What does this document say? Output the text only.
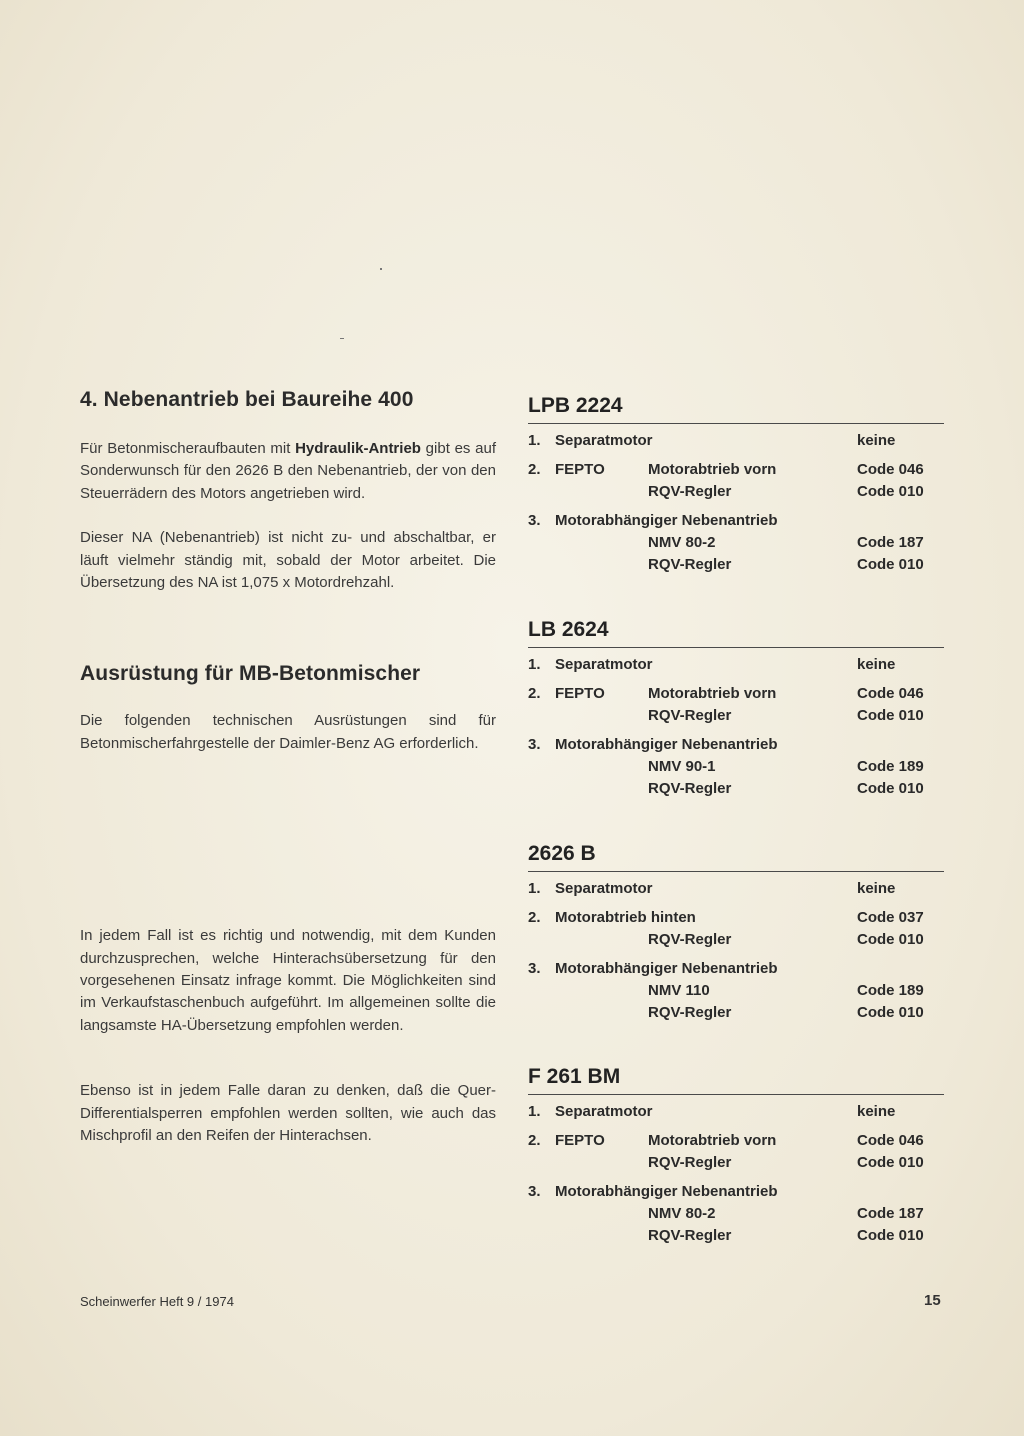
4. Nebenantrieb bei Baureihe 400

Für Betonmischeraufbauten mit Hydraulik-Antrieb gibt es auf Sonderwunsch für den 2626 B den Nebenantrieb, der von den Steuerrädern des Motors angetrieben wird.

Dieser NA (Nebenantrieb) ist nicht zu- und abschaltbar, er läuft vielmehr ständig mit, sobald der Motor arbeitet. Die Übersetzung des NA ist 1,075 x Motordrehzahl.

Ausrüstung für MB-Betonmischer

Die folgenden technischen Ausrüstungen sind für Betonmischerfahrgestelle der Daimler-Benz AG erforderlich.

In jedem Fall ist es richtig und notwendig, mit dem Kunden durchzusprechen, welche Hinterachsübersetzung für den vorgesehenen Einsatz infrage kommt. Die Möglichkeiten sind im Verkaufstaschenbuch aufgeführt. Im allgemeinen sollte die langsamste HA-Übersetzung empfohlen werden.

Ebenso ist in jedem Falle daran zu denken, daß die Quer-Differentialsperren empfohlen werden sollten, wie auch das Mischprofil an den Reifen der Hinterachsen.

LPB 2224
1. Separatmotor	keine
2. FEPTO	Motorabtrieb vorn	Code 046
RQV-Regler	Code 010
3. Motorabhängiger Nebenantrieb
NMV 80-2	Code 187
RQV-Regler	Code 010
LB 2624
1. Separatmotor	keine
2. FEPTO	Motorabtrieb vorn	Code 046
RQV-Regler	Code 010
3. Motorabhängiger Nebenantrieb
NMV 90-1	Code 189
RQV-Regler	Code 010
2626 B
1. Separatmotor	keine
2. Motorabtrieb hinten	Code 037
RQV-Regler	Code 010
3. Motorabhängiger Nebenantrieb
NMV 110	Code 189
RQV-Regler	Code 010
F 261 BM
1. Separatmotor	keine
2. FEPTO	Motorabtrieb vorn	Code 046
RQV-Regler	Code 010
3. Motorabhängiger Nebenantrieb
NMV 80-2	Code 187
RQV-Regler	Code 010
Scheinwerfer Heft 9 / 1974	15
